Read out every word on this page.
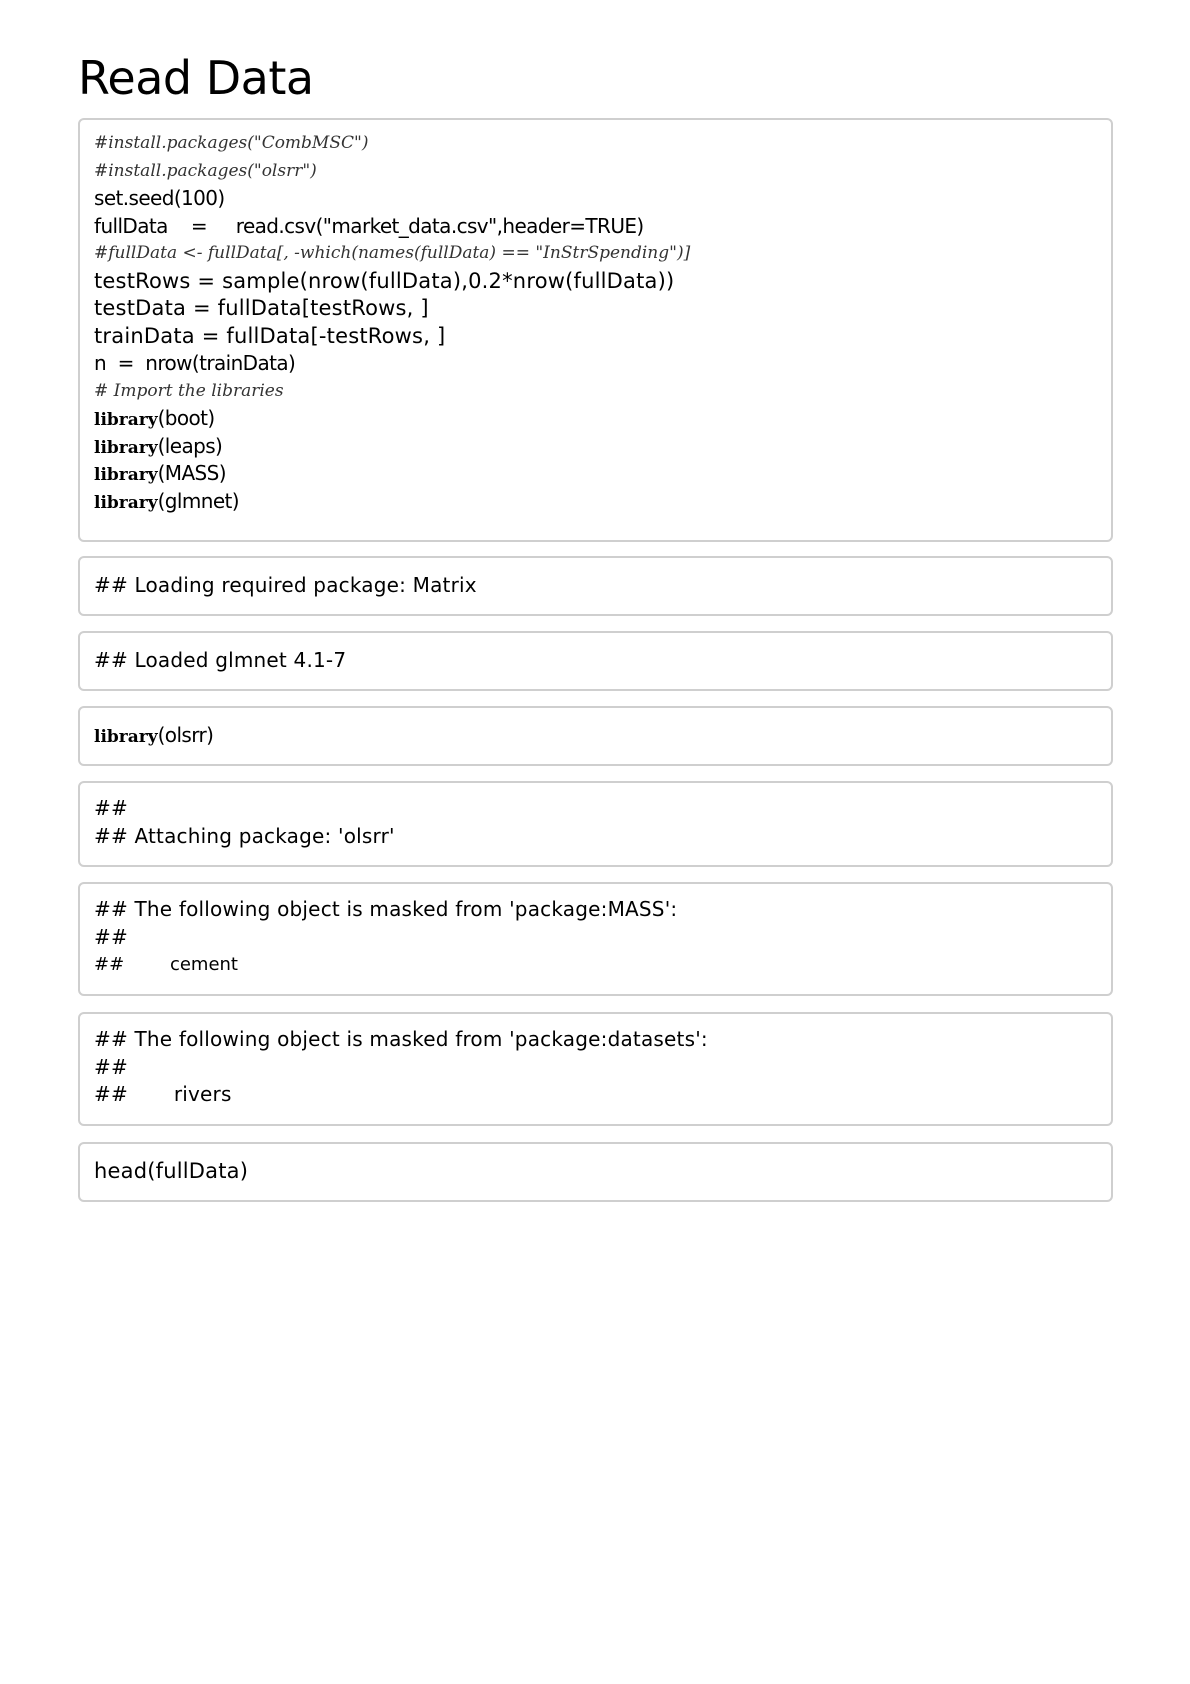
Read Data
#install.packages("CombMSC")
#install.packages("olsrr")
set.seed(100)
fullData    =     read.csv("market_data.csv",header=TRUE)
#fullData <- fullData[, -which(names(fullData) == "InStrSpending")]
testRows = sample(nrow(fullData),0.2*nrow(fullData))
testData = fullData[testRows, ]
trainData = fullData[-testRows, ]
n  =  nrow(trainData)
# Import the libraries
library(boot)
library(leaps)
library(MASS)
library(glmnet)
## Loading required package: Matrix
## Loaded glmnet 4.1-7
library(olsrr)
##
## Attaching package: 'olsrr'
## The following object is masked from 'package:MASS':
##
##        cement
## The following object is masked from 'package:datasets':
##
##       rivers
head(fullData)
